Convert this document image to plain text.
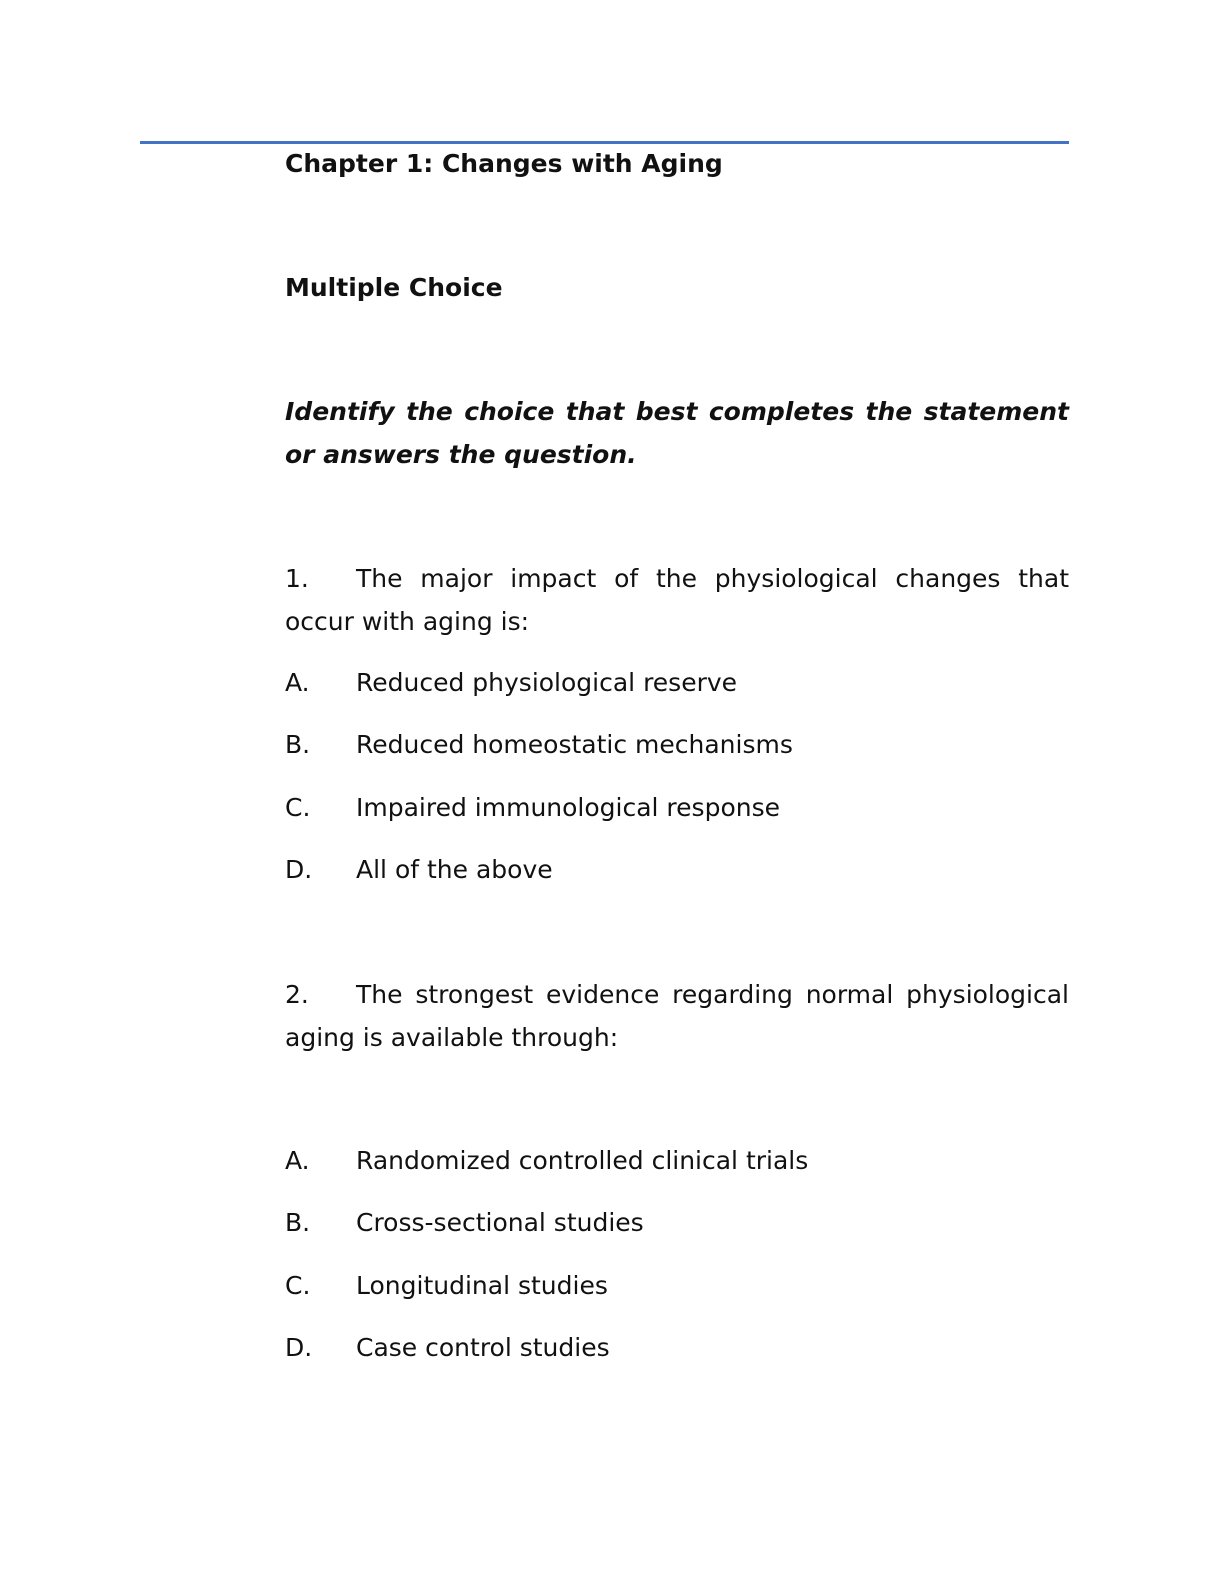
Chapter 1: Changes with Aging
Multiple Choice
Identify the choice that best completes the statement or answers the question.
1. The major impact of the physiological changes that occur with aging is:
A. Reduced physiological reserve
B. Reduced homeostatic mechanisms
C. Impaired immunological response
D. All of the above
2. The strongest evidence regarding normal physiological aging is available through:
A. Randomized controlled clinical trials
B. Cross-sectional studies
C. Longitudinal studies
D. Case control studies
